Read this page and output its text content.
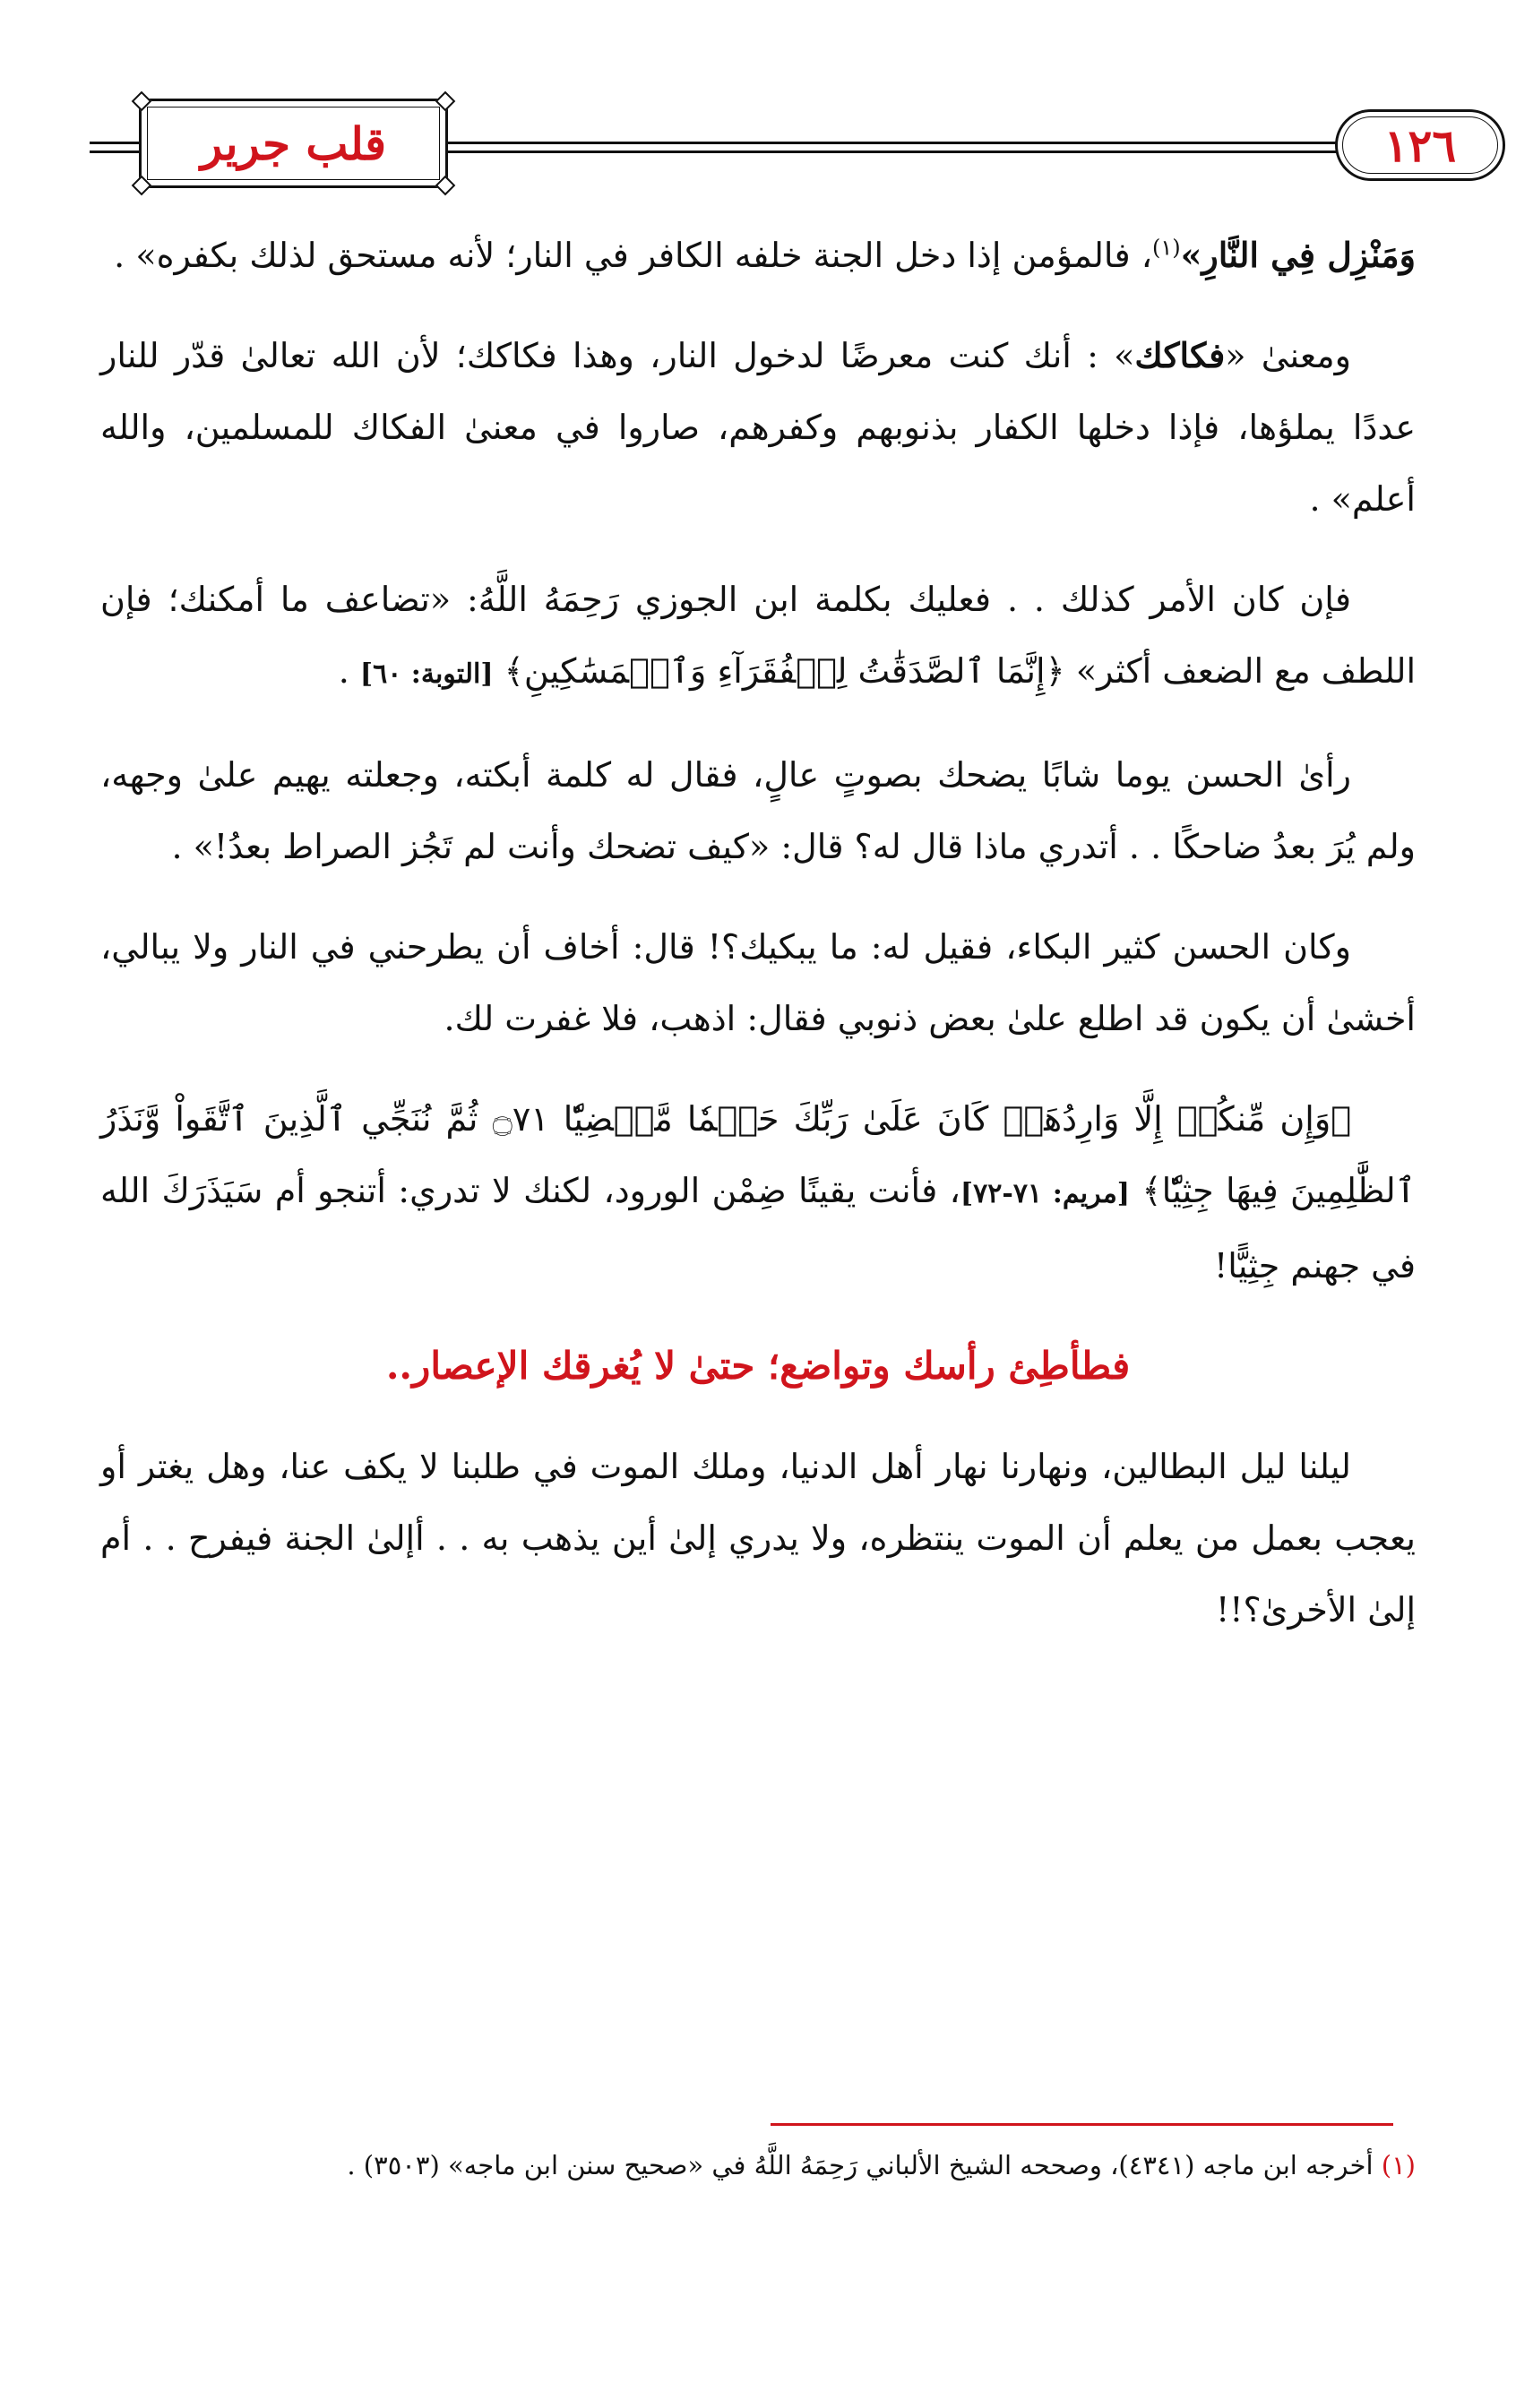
قلب جرير	١٢٦

وَمَنْزِل فِي النَّارِ»$^{(١)}$، فالمؤمن إذا دخل الجنة خلفه الكافر في النار؛ لأنه مستحق لذلك بكفره» .

ومعنىٰ «فكاكك» : أنك كنت معرضًا لدخول النار، وهذا فكاكك؛ لأن الله تعالىٰ قدّر للنار عددًا يملؤها، فإذا دخلها الكفار بذنوبهم وكفرهم، صاروا في معنىٰ الفكاك للمسلمين، والله أعلم» .

فإن كان الأمر كذلك . . فعليك بكلمة ابن الجوزي رَحِمَهُ اللَّهُ: «تضاعف ما أمكنك؛ فإن اللطف مع الضعف أكثر» ﴿إِنَّمَا ٱلصَّدَقَٰتُ لِلۡفُقَرَآءِ وَٱلۡمَسَٰكِينِ﴾ [التوبة: ٦٠] .

رأىٰ الحسن يوما شابًا يضحك بصوتٍ عالٍ، فقال له كلمة أبكته، وجعلته يهيم علىٰ وجهه، ولم يُرَ بعدُ ضاحكًا . . أتدري ماذا قال له؟ قال: «كيف تضحك وأنت لم تَجُز الصراط بعدُ!» .

وكان الحسن كثير البكاء، فقيل له: ما يبكيك؟! قال: أخاف أن يطرحني في النار ولا يبالي، أخشىٰ أن يكون قد اطلع علىٰ بعض ذنوبي فقال: اذهب، فلا غفرت لك.

﴿وَإِن مِّنكُمۡ إِلَّا وَارِدُهَاۚ كَانَ عَلَىٰ رَبِّكَ حَتۡمٗا مَّقۡضِيّٗا ۝٧١ ثُمَّ نُنَجِّي ٱلَّذِينَ ٱتَّقَواْ وَّنَذَرُ ٱلظَّٰلِمِينَ فِيهَا جِثِيّٗا﴾ [مريم: ٧١-٧٢]، فأنت يقينًا ضِمْن الورود، لكنك لا تدري: أتنجو أم سَيَذَرَكَ الله في جهنم جِثِيًّا!

فطأطِئ رأسك وتواضع؛ حتىٰ لا يُغرقك الإعصار..

ليلنا ليل البطالين، ونهارنا نهار أهل الدنيا، وملك الموت في طلبنا لا يكف عنا، وهل يغتر أو يعجب بعمل من يعلم أن الموت ينتظره، ولا يدري إلىٰ أين يذهب به . . أإلىٰ الجنة فيفرح . . أم إلىٰ الأخرىٰ؟!!

(١) أخرجه ابن ماجه (٤٣٤١)، وصححه الشيخ الألباني رَحِمَهُ اللَّهُ في «صحيح سنن ابن ماجه» (٣٥٠٣) .
